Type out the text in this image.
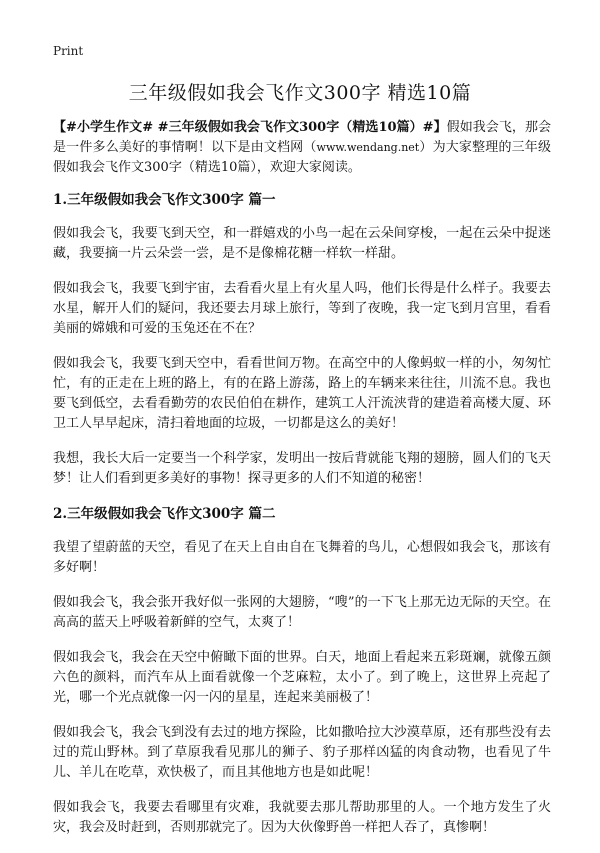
Print
三年级假如我会飞作文300字 精选10篇

【#小学生作文# #三年级假如我会飞作文300字（精选10篇）#】假如我会飞，那会是一件多么美好的事情啊！以下是由文档网（www.wendang.net）为大家整理的三年级假如我会飞作文300字（精选10篇），欢迎大家阅读。

1.三年级假如我会飞作文300字 篇一

假如我会飞，我要飞到天空，和一群嬉戏的小鸟一起在云朵间穿梭，一起在云朵中捉迷藏，我要摘一片云朵尝一尝，是不是像棉花糖一样软一样甜。

假如我会飞，我要飞到宇宙，去看看火星上有火星人吗，他们长得是什么样子。我要去水星，解开人们的疑问，我还要去月球上旅行，等到了夜晚，我一定飞到月宫里，看看美丽的嫦娥和可爱的玉兔还在不在？

假如我会飞，我要飞到天空中，看看世间万物。在高空中的人像蚂蚁一样的小，匆匆忙忙，有的正走在上班的路上，有的在路上游荡，路上的车辆来来往往，川流不息。我也要飞到低空，去看看勤劳的农民伯伯在耕作，建筑工人汗流浃背的建造着高楼大厦、环卫工人早早起床，清扫着地面的垃圾，一切都是这么的美好！

我想，我长大后一定要当一个科学家，发明出一按后背就能飞翔的翅膀，圆人们的飞天梦！让人们看到更多美好的事物！探寻更多的人们不知道的秘密！

2.三年级假如我会飞作文300字 篇二

我望了望蔚蓝的天空，看见了在天上自由自在飞舞着的鸟儿，心想假如我会飞，那该有多好啊！

假如我会飞，我会张开我好似一张网的大翅膀，“嗖”的一下飞上那无边无际的天空。在高高的蓝天上呼吸着新鲜的空气，太爽了！

假如我会飞，我会在天空中俯瞰下面的世界。白天，地面上看起来五彩斑斓，就像五颜六色的颜料，而汽车从上面看就像一个芝麻粒，太小了。到了晚上，这世界上亮起了光，哪一个光点就像一闪一闪的星星，连起来美丽极了！

假如我会飞，我会飞到没有去过的地方探险，比如撒哈拉大沙漠草原，还有那些没有去过的荒山野林。到了草原我看见那儿的狮子、豹子那样凶猛的肉食动物，也看见了牛儿、羊儿在吃草，欢快极了，而且其他地方也是如此呢！

假如我会飞，我要去看哪里有灾难，我就要去那儿帮助那里的人。一个地方发生了火灾，我会及时赶到，否则那就完了。因为大伙像野兽一样把人吞了，真惨啊！
